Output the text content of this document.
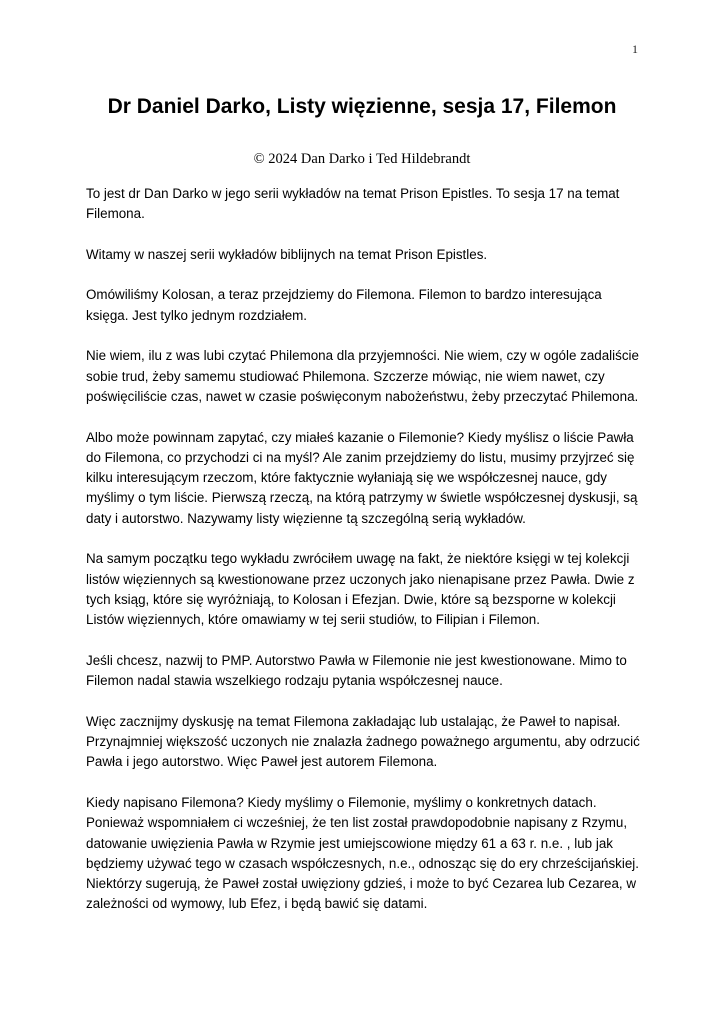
1
Dr Daniel Darko, Listy więzienne, sesja 17, Filemon
© 2024 Dan Darko i Ted Hildebrandt

To jest dr Dan Darko w jego serii wykładów na temat Prison Epistles. To sesja 17 na temat Filemona.

Witamy w naszej serii wykładów biblijnych na temat Prison Epistles.

Omówiliśmy Kolosan, a teraz przejdziemy do Filemona. Filemon to bardzo interesująca księga. Jest tylko jednym rozdziałem.

Nie wiem, ilu z was lubi czytać Philemona dla przyjemności. Nie wiem, czy w ogóle zadaliście sobie trud, żeby samemu studiować Philemona. Szczerze mówiąc, nie wiem nawet, czy poświęciliście czas, nawet w czasie poświęconym nabożeństwu, żeby przeczytać Philemona.

Albo może powinnam zapytać, czy miałeś kazanie o Filemonie? Kiedy myślisz o liście Pawła do Filemona, co przychodzi ci na myśl? Ale zanim przejdziemy do listu, musimy przyjrzeć się kilku interesującym rzeczom, które faktycznie wyłaniają się we współczesnej nauce, gdy myślimy o tym liście. Pierwszą rzeczą, na którą patrzymy w świetle współczesnej dyskusji, są daty i autorstwo. Nazywamy listy więzienne tą szczególną serią wykładów.

Na samym początku tego wykładu zwróciłem uwagę na fakt, że niektóre księgi w tej kolekcji listów więziennych są kwestionowane przez uczonych jako nienapisane przez Pawła. Dwie z tych ksiąg, które się wyróżniają, to Kolosan i Efezjan. Dwie, które są bezsporne w kolekcji Listów więziennych, które omawiamy w tej serii studiów, to Filipian i Filemon.

Jeśli chcesz, nazwij to PMP. Autorstwo Pawła w Filemonie nie jest kwestionowane. Mimo to Filemon nadal stawia wszelkiego rodzaju pytania współczesnej nauce.

Więc zacznijmy dyskusję na temat Filemona zakładając lub ustalając, że Paweł to napisał. Przynajmniej większość uczonych nie znalazła żadnego poważnego argumentu, aby odrzucić Pawła i jego autorstwo. Więc Paweł jest autorem Filemona.

Kiedy napisano Filemona? Kiedy myślimy o Filemonie, myślimy o konkretnych datach. Ponieważ wspomniałem ci wcześniej, że ten list został prawdopodobnie napisany z Rzymu, datowanie uwięzienia Pawła w Rzymie jest umiejscowione między 61 a 63 r. n.e. , lub jak będziemy używać tego w czasach współczesnych, n.e., odnosząc się do ery chrześcijańskiej. Niektórzy sugerują, że Paweł został uwięziony gdzieś, i może to być Cezarea lub Cezarea, w zależności od wymowy, lub Efez, i będą bawić się datami.
